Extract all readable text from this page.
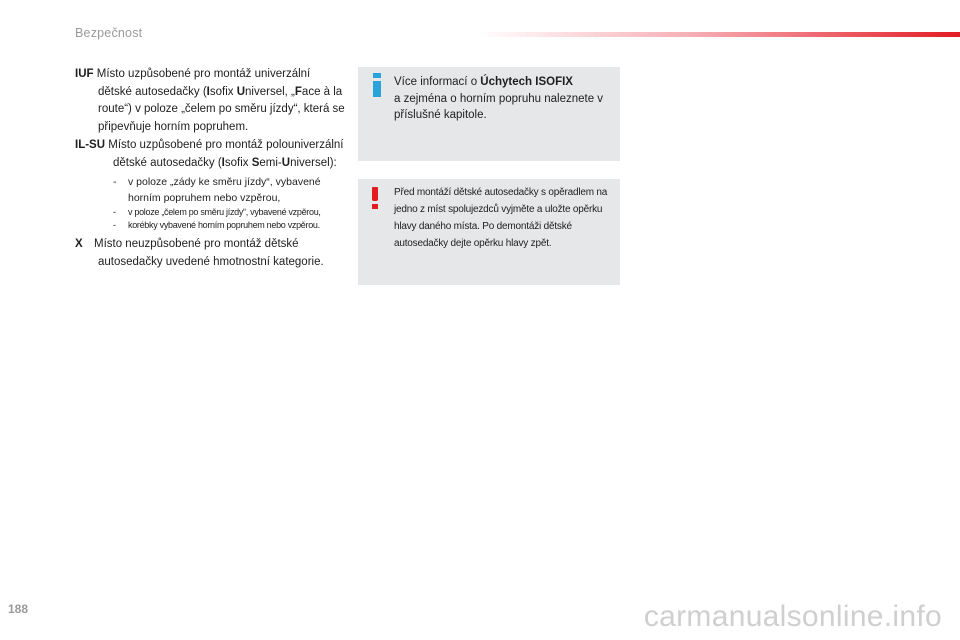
Bezpečnost
IUF Místo uzpůsobené pro montáž univerzální dětské autosedačky (Isofix Universel, „Face à la route“) v poloze „čelem po směru jízdy“, která se připevňuje horním popruhem.
IL-SU Místo uzpůsobené pro montáž polouniverzální dětské autosedačky (Isofix Semi-Universel):
- v poloze „zády ke směru jízdy“, vybavené horním popruhem nebo vzpěrou,
- v poloze „čelem po směru jízdy“, vybavené vzpěrou,
- korébky vybavené horním popruhem nebo vzpěrou.
X Místo neuzpůsobené pro montáž dětské autosedačky uvedené hmotnostní kategorie.
Více informací o Úchytech ISOFIX
a zejména o horním popruhu naleznete v příslušné kapitole.
Před montáží dětské autosedačky s opěradlem na jedno z míst spolujezdců vyjměte a uložte opěrku hlavy daného místa. Po demontáži dětské autosedačky dejte opěrku hlavy zpět.
188	carmanualsonline.info
